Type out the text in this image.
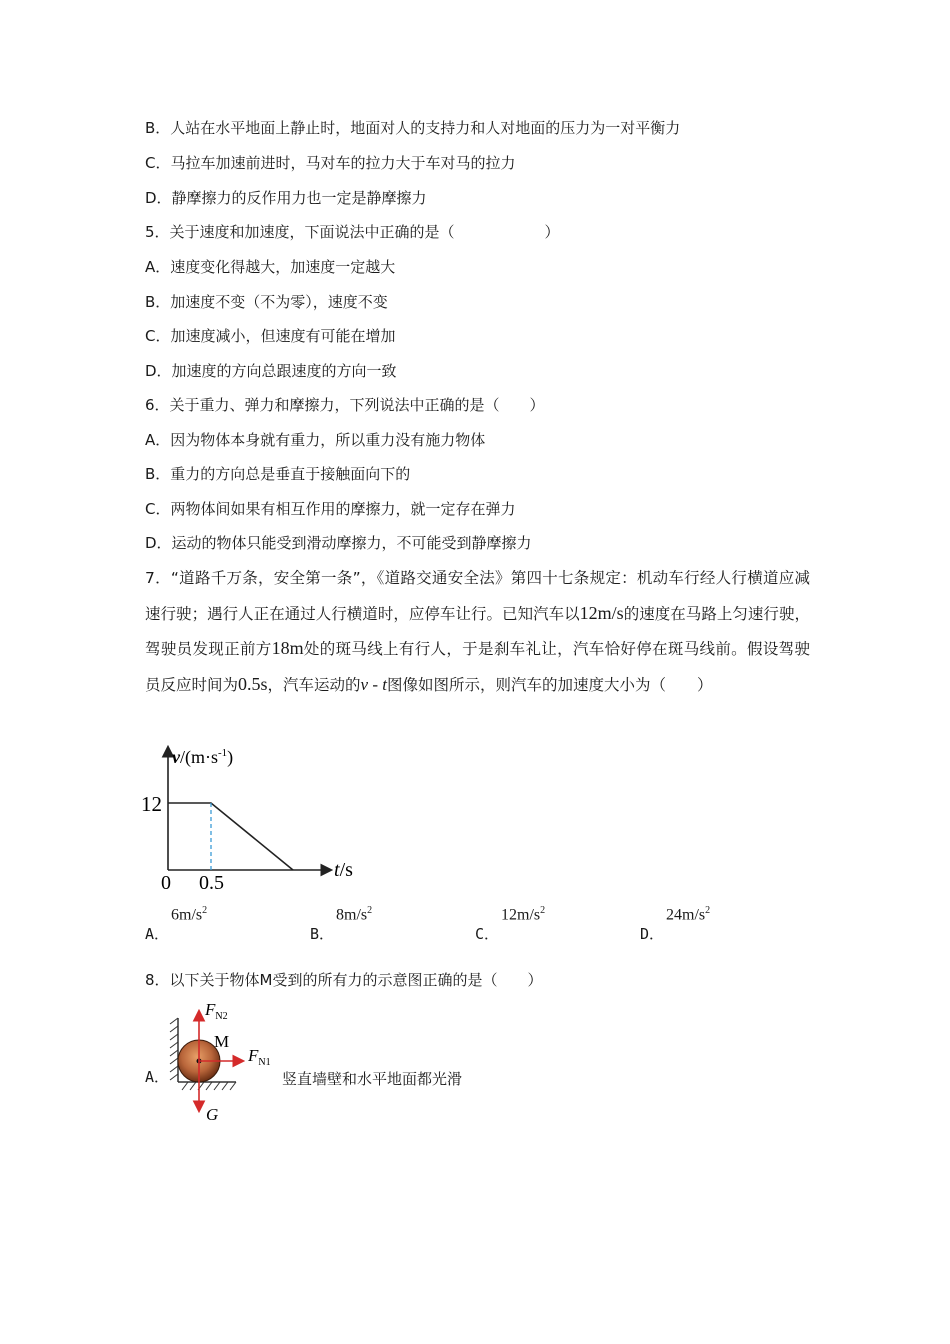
B．人站在水平地面上静止时，地面对人的支持力和人对地面的压力为一对平衡力
C．马拉车加速前进时，马对车的拉力大于车对马的拉力
D．静摩擦力的反作用力也一定是静摩擦力
5．关于速度和加速度，下面说法中正确的是（　　　　　　）
A．速度变化得越大，加速度一定越大
B．加速度不变（不为零），速度不变
C．加速度减小，但速度有可能在增加
D．加速度的方向总跟速度的方向一致
6．关于重力、弹力和摩擦力，下列说法中正确的是（　　）
A．因为物体本身就有重力，所以重力没有施力物体
B．重力的方向总是垂直于接触面向下的
C．两物体间如果有相互作用的摩擦力，就一定存在弹力
D．运动的物体只能受到滑动摩擦力，不可能受到静摩擦力
7．“道路千万条，安全第一条”，《道路交通安全法》第四十七条规定：机动车行经人行横道应减速行驶；遇行人正在通过人行横道时，应停车让行。已知汽车以12m/s的速度在马路上匀速行驶，驾驶员发现正前方18m处的斑马线上有行人，于是刹车礼让，汽车恰好停在斑马线前。假设驾驶员反应时间为0.5s，汽车运动的v - t图像如图所示，则汽车的加速度大小为（　　）
$v/(m\cdot s^{-1})$
12
0 0.5
t/s
A．
$6m/s^2$
B．
$8m/s^2$
C．
$12m/s^2$
D．
$24m/s^2$
8．以下关于物体M受到的所有力的示意图正确的是（　　）
A．
$F_{N2}$
M
$F_{N1}$
G
竖直墙壁和水平地面都光滑
